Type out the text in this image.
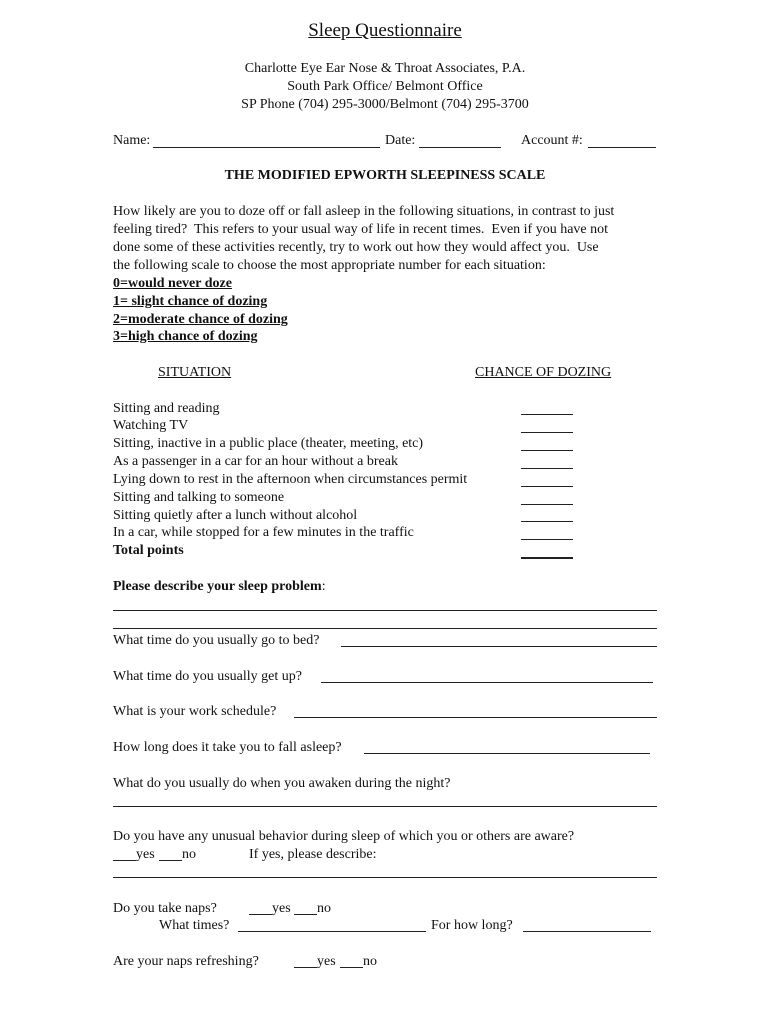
Sleep Questionnaire
Charlotte Eye Ear Nose & Throat Associates, P.A.
South Park Office/ Belmont Office
SP Phone (704) 295-3000/Belmont (704) 295-3700
Name:	Date:	Account #:
THE MODIFIED EPWORTH SLEEPINESS SCALE
How likely are you to doze off or fall asleep in the following situations, in contrast to just
feeling tired?  This refers to your usual way of life in recent times.  Even if you have not
done some of these activities recently, try to work out how they would affect you.  Use
the following scale to choose the most appropriate number for each situation:
0=would never doze
1= slight chance of dozing
2=moderate chance of dozing
3=high chance of dozing
SITUATION	CHANCE OF DOZING
Sitting and reading
Watching TV
Sitting, inactive in a public place (theater, meeting, etc)
As a passenger in a car for an hour without a break
Lying down to rest in the afternoon when circumstances permit
Sitting and talking to someone
Sitting quietly after a lunch without alcohol
In a car, while stopped for a few minutes in the traffic
Total points
Please describe your sleep problem:
What time do you usually go to bed?
What time do you usually get up?
What is your work schedule?
How long does it take you to fall asleep?
What do you usually do when you awaken during the night?
Do you have any unusual behavior during sleep of which you or others are aware?
yes no	If yes, please describe:
Do you take naps?	yes no
What times?	For how long?
Are your naps refreshing?	yes no
